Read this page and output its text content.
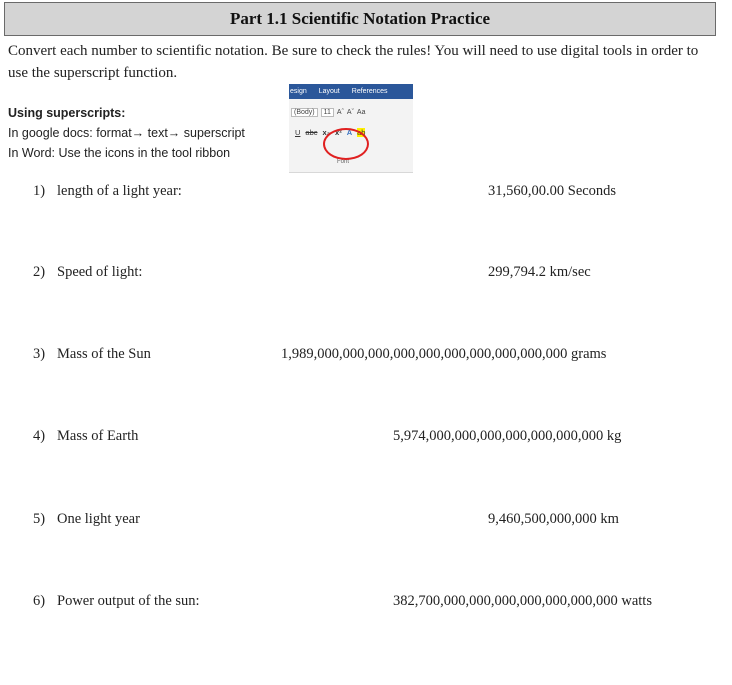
Part 1.1 Scientific Notation Practice
Convert each number to scientific notation. Be sure to check the rules! You will need to use digital tools in order to use the superscript function.
Using superscripts:
In google docs: format→ text→ superscript
In Word: Use the icons in the tool ribbon
esign Layout References
(Body)	11 Aˆ Aˇ Aa
U abc x₂ x² A ab
Font
1) length of a light year:	31,560,00.00 Seconds
2) Speed of light:	299,794.2 km/sec
3) Mass of the Sun	1,989,000,000,000,000,000,000,000,000,000,000 grams
4) Mass of Earth	5,974,000,000,000,000,000,000,000 kg
5) One light year	9,460,500,000,000 km
6) Power output of the sun:	382,700,000,000,000,000,000,000,000 watts
